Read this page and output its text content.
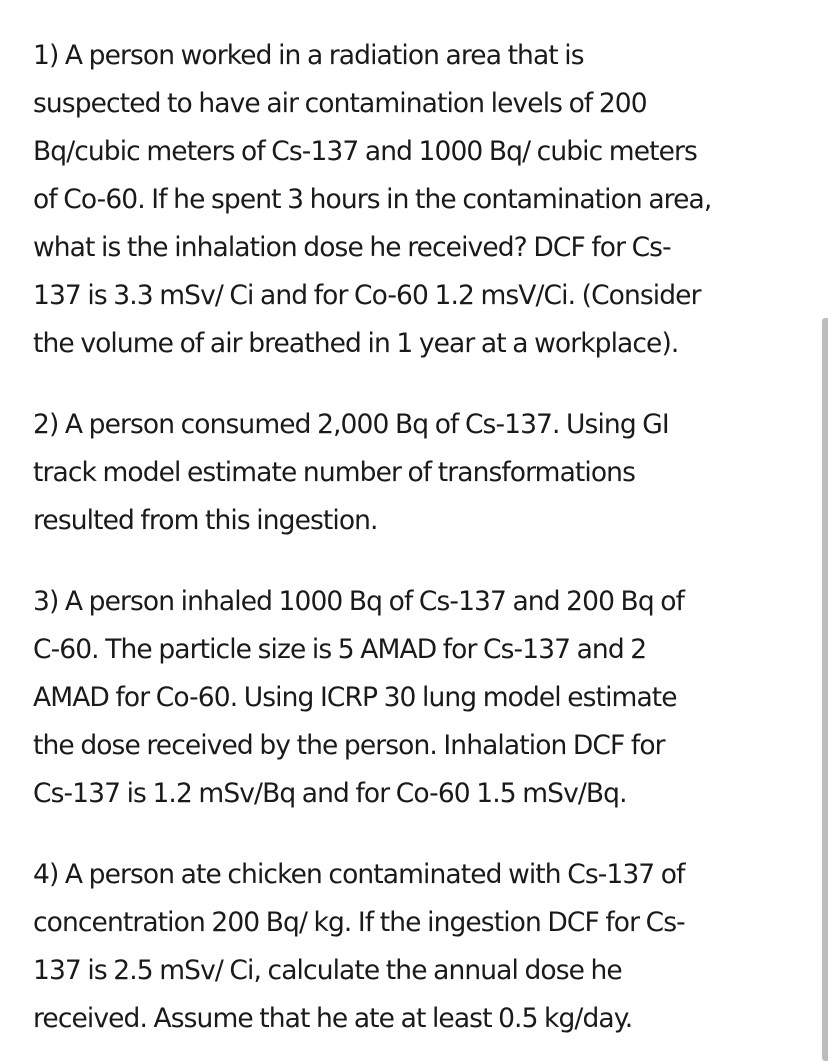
1) A person worked in a radiation area that is
suspected to have air contamination levels of 200
Bq/cubic meters of Cs-137 and 1000 Bq/ cubic meters
of Co-60. If he spent 3 hours in the contamination area,
what is the inhalation dose he received? DCF for Cs-
137 is 3.3 mSv/ Ci and for Co-60 1.2 msV/Ci. (Consider
the volume of air breathed in 1 year at a workplace).

2) A person consumed 2,000 Bq of Cs-137. Using GI
track model estimate number of transformations
resulted from this ingestion.

3) A person inhaled 1000 Bq of Cs-137 and 200 Bq of
C-60. The particle size is 5 AMAD for Cs-137 and 2
AMAD for Co-60. Using ICRP 30 lung model estimate
the dose received by the person. Inhalation DCF for
Cs-137 is 1.2 mSv/Bq and for Co-60 1.5 mSv/Bq.

4) A person ate chicken contaminated with Cs-137 of
concentration 200 Bq/ kg. If the ingestion DCF for Cs-
137 is 2.5 mSv/ Ci, calculate the annual dose he
received. Assume that he ate at least 0.5 kg/day.
